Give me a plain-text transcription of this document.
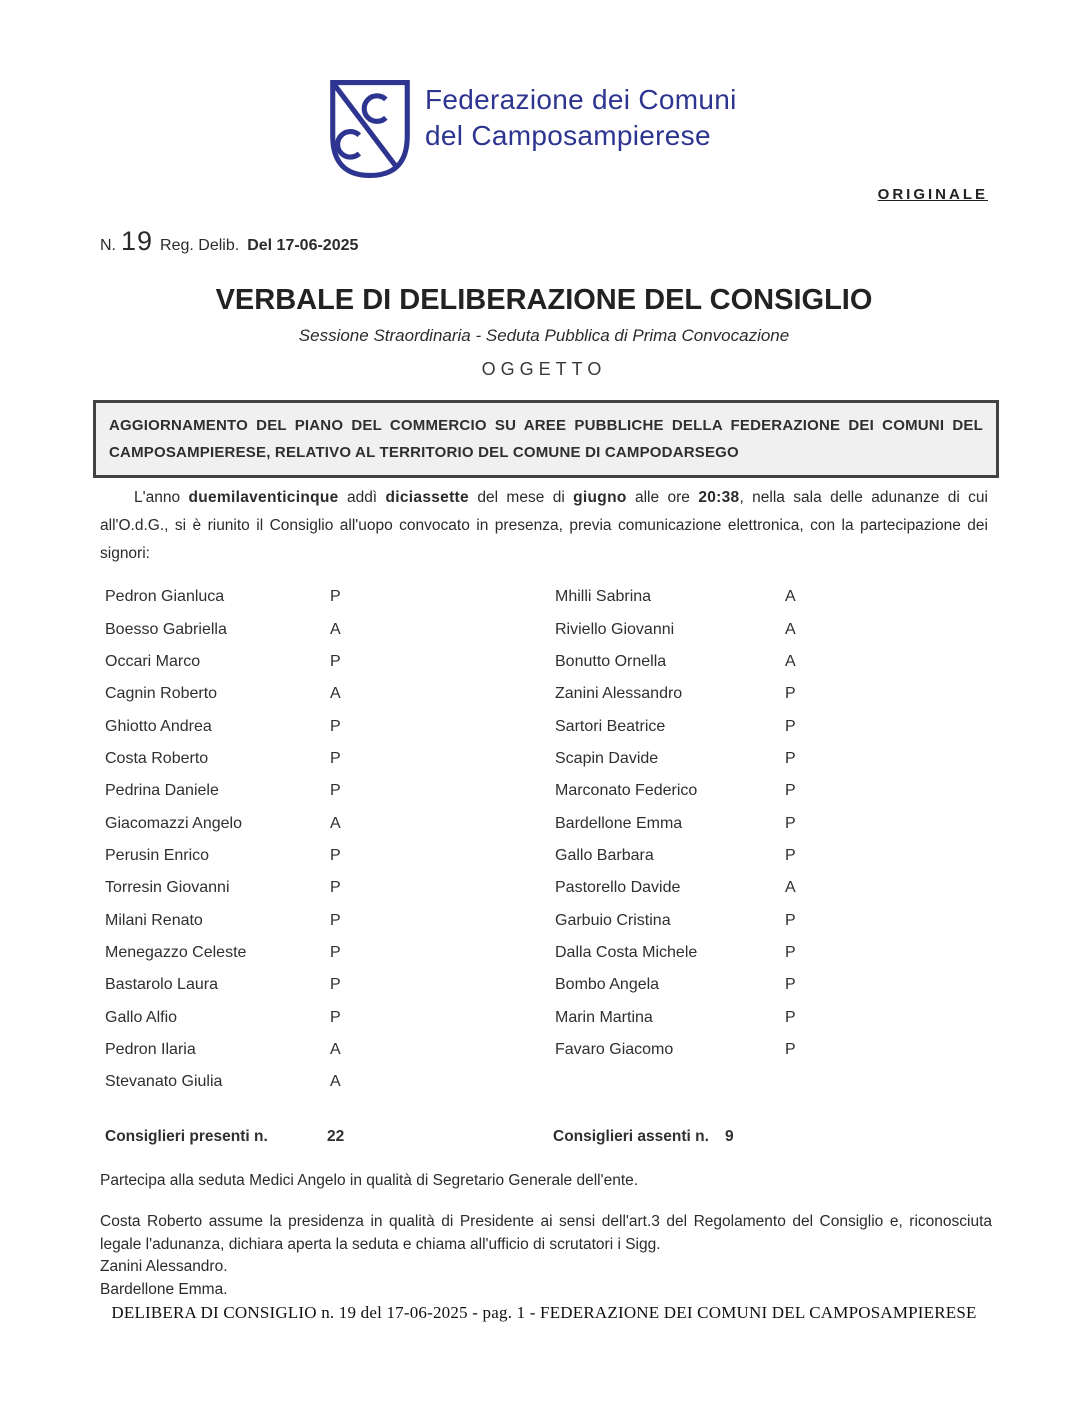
Federazione dei Comuni
del Camposampierese
ORIGINALE
N. 19 Reg. Delib. Del 17-06-2025
VERBALE DI DELIBERAZIONE DEL CONSIGLIO
Sessione Straordinaria - Seduta Pubblica di Prima Convocazione
OGGETTO
AGGIORNAMENTO DEL PIANO DEL COMMERCIO SU AREE PUBBLICHE DELLA FEDERAZIONE DEI COMUNI DEL CAMPOSAMPIERESE, RELATIVO AL TERRITORIO DEL COMUNE DI CAMPODARSEGO

L'anno duemilaventicinque addì diciassette del mese di giugno alle ore 20:38, nella sala delle adunanze di cui all'O.d.G., si è riunito il Consiglio all'uopo convocato in presenza, previa comunicazione elettronica, con la partecipazione dei signori:

Pedron Gianluca	P	Mhilli Sabrina	A
Boesso Gabriella	A	Riviello Giovanni	A
Occari Marco	P	Bonutto Ornella	A
Cagnin Roberto	A	Zanini Alessandro	P
Ghiotto Andrea	P	Sartori Beatrice	P
Costa Roberto	P	Scapin Davide	P
Pedrina Daniele	P	Marconato Federico	P
Giacomazzi Angelo	A	Bardellone Emma	P
Perusin Enrico	P	Gallo Barbara	P
Torresin Giovanni	P	Pastorello Davide	A
Milani Renato	P	Garbuio Cristina	P
Menegazzo Celeste	P	Dalla Costa Michele	P
Bastarolo Laura	P	Bombo Angela	P
Gallo Alfio	P	Marin Martina	P
Pedron Ilaria	A	Favaro Giacomo	P
Stevanato Giulia	A
Consiglieri presenti n.	22	Consiglieri assenti n. 9
Partecipa alla seduta Medici Angelo in qualità di Segretario Generale dell'ente.

Costa Roberto assume la presidenza in qualità di Presidente ai sensi dell'art.3 del Regolamento del Consiglio e, riconosciuta legale l'adunanza, dichiara aperta la seduta e chiama all'ufficio di scrutatori i Sigg.

Zanini Alessandro.
Bardellone Emma.
DELIBERA DI CONSIGLIO n. 19 del 17-06-2025 - pag. 1 - FEDERAZIONE DEI COMUNI DEL CAMPOSAMPIERESE
